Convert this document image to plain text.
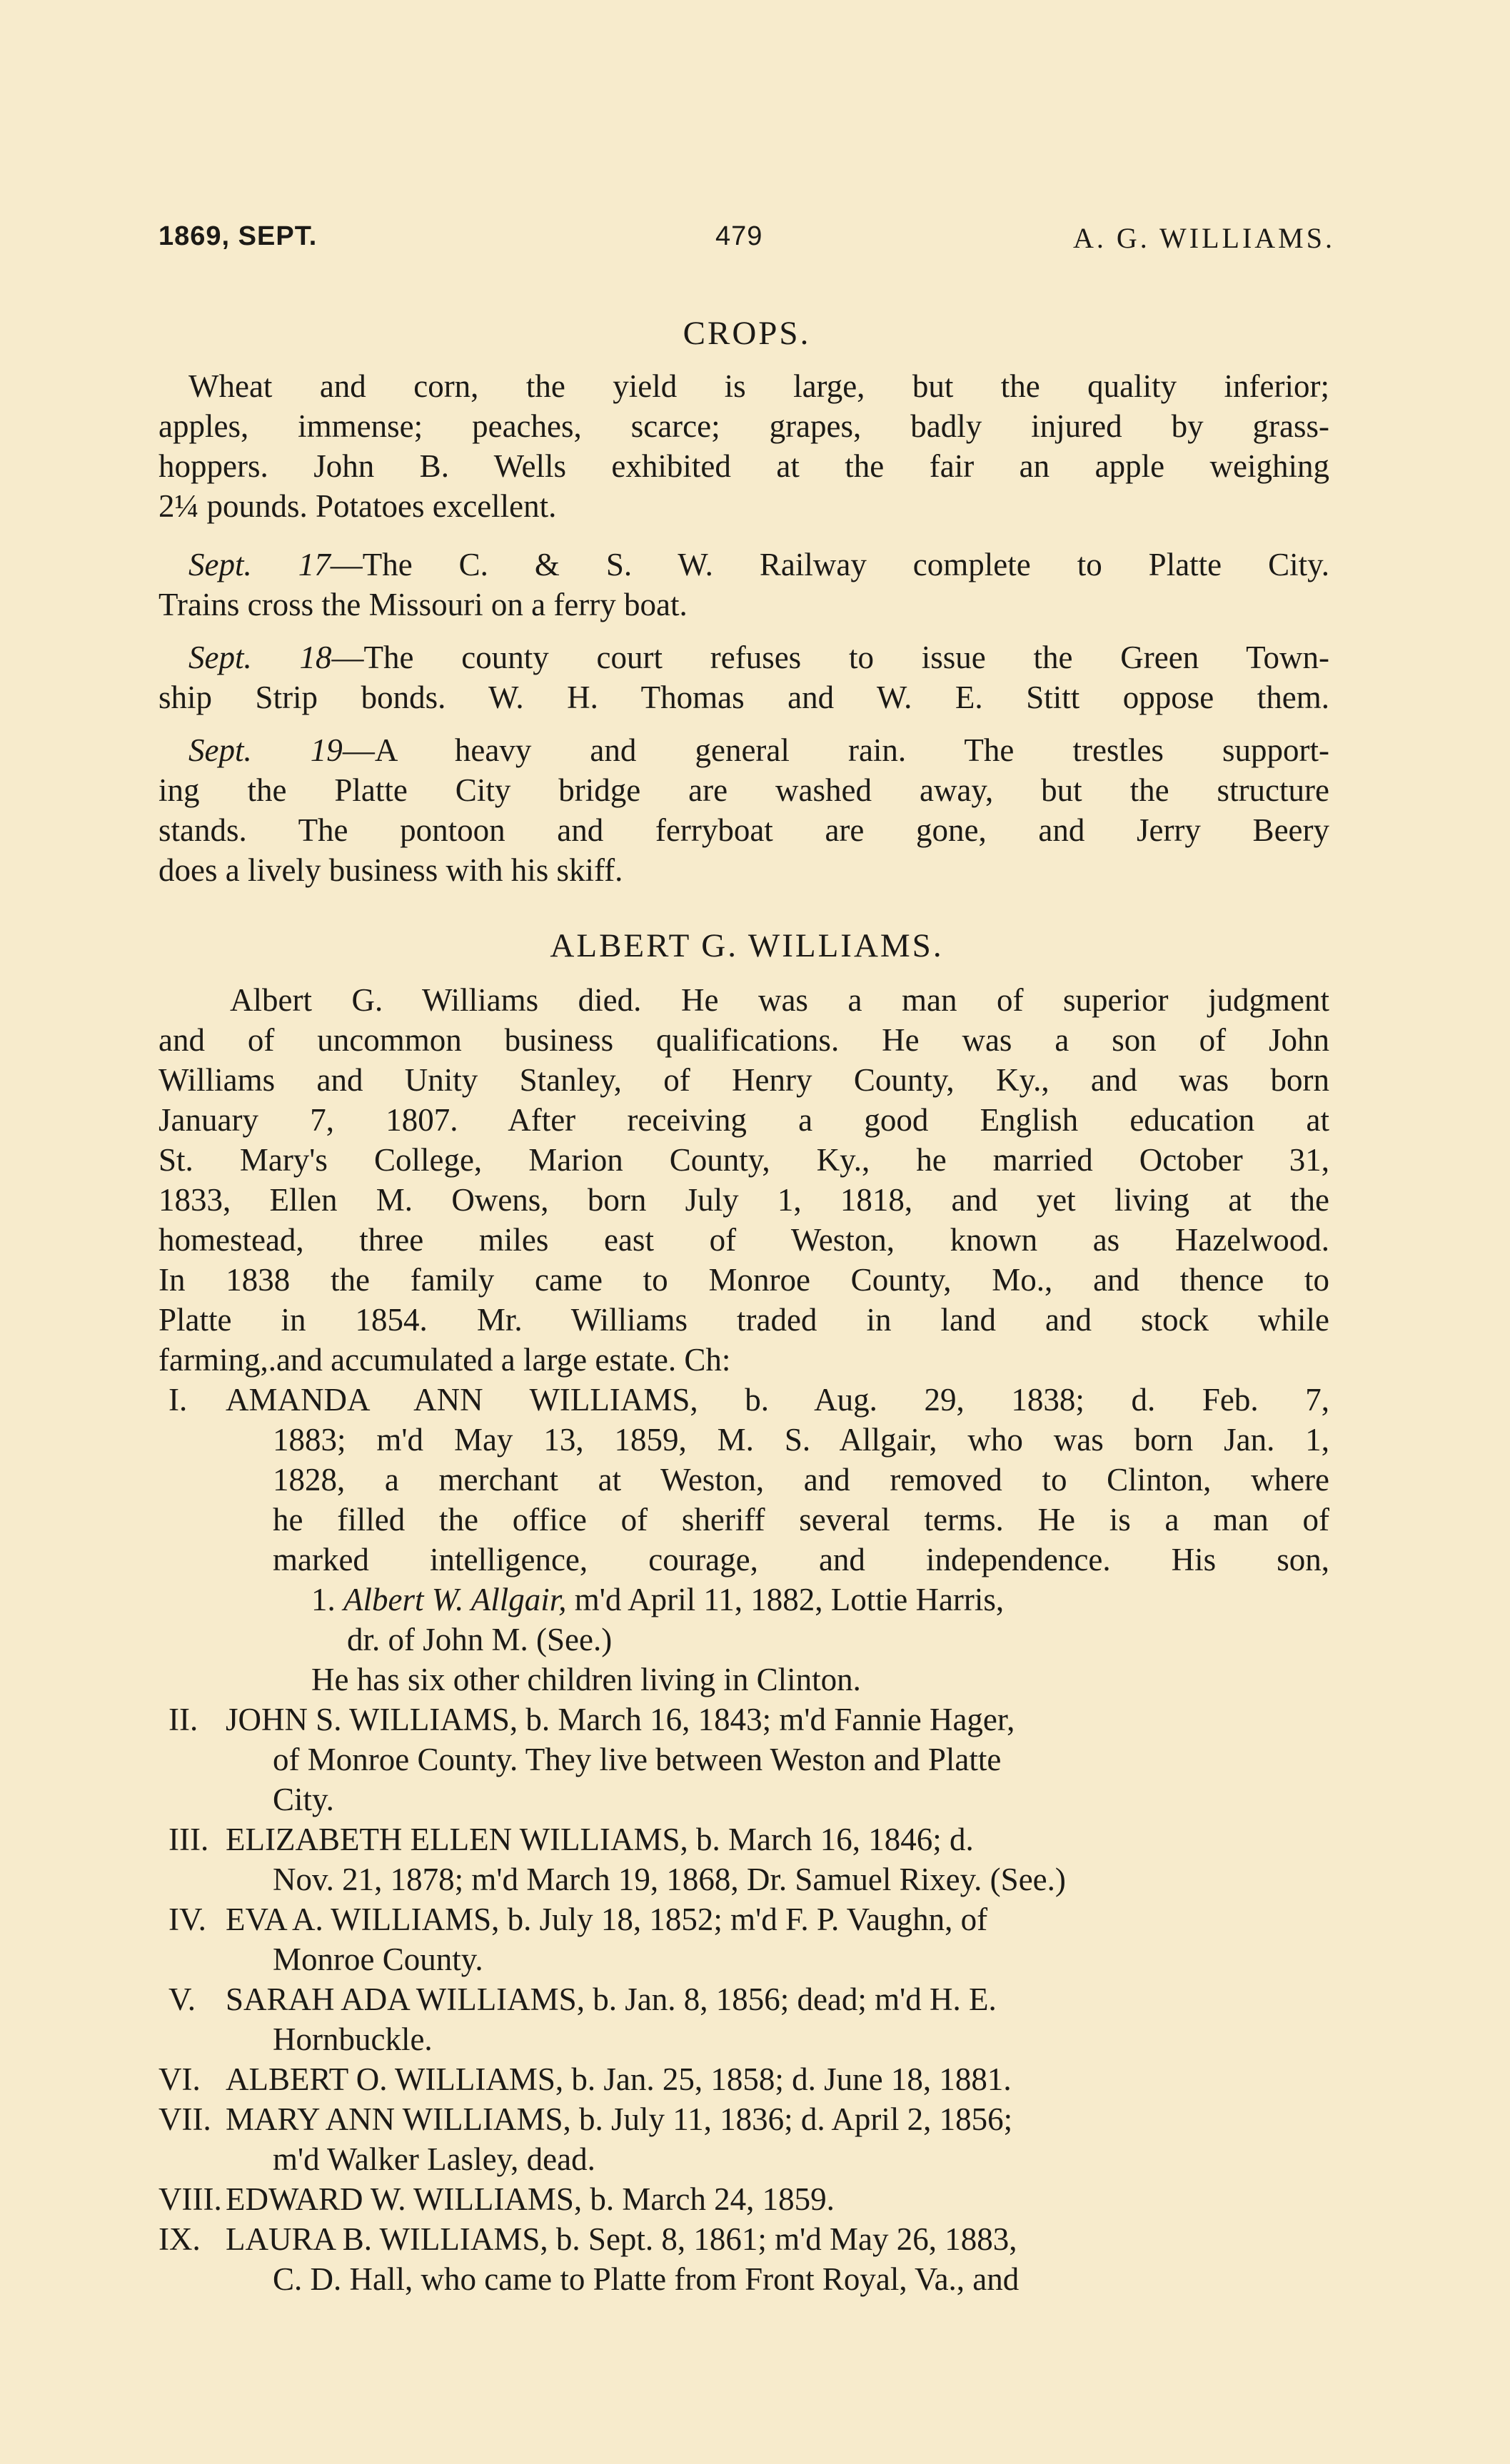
1869, SEPT.	479	A. G. WILLIAMS.
CROPS.
Wheat and corn, the yield is large, but the quality inferior;
apples, immense; peaches, scarce; grapes, badly injured by grass-
hoppers. John B. Wells exhibited at the fair an apple weighing
2¼ pounds. Potatoes excellent.
Sept. 17—The C. & S. W. Railway complete to Platte City.
Trains cross the Missouri on a ferry boat.
Sept. 18—The county court refuses to issue the Green Town-
ship Strip bonds. W. H. Thomas and W. E. Stitt oppose them.
Sept. 19—A heavy and general rain. The trestles support-
ing the Platte City bridge are washed away, but the structure
stands. The pontoon and ferryboat are gone, and Jerry Beery
does a lively business with his skiff.
ALBERT G. WILLIAMS.
Albert G. Williams died. He was a man of superior judgment
and of uncommon business qualifications. He was a son of John
Williams and Unity Stanley, of Henry County, Ky., and was born
January 7, 1807. After receiving a good English education at
St. Mary's College, Marion County, Ky., he married October 31,
1833, Ellen M. Owens, born July 1, 1818, and yet living at the
homestead, three miles east of Weston, known as Hazelwood.
In 1838 the family came to Monroe County, Mo., and thence to
Platte in 1854. Mr. Williams traded in land and stock while
farming,.and accumulated a large estate. Ch:
I. AMANDA ANN WILLIAMS, b. Aug. 29, 1838; d. Feb. 7,
1883; m'd May 13, 1859, M. S. Allgair, who was born Jan. 1,
1828, a merchant at Weston, and removed to Clinton, where
he filled the office of sheriff several terms. He is a man of
marked intelligence, courage, and independence. His son,
1. Albert W. Allgair, m'd April 11, 1882, Lottie Harris,
dr. of John M. (See.)
He has six other children living in Clinton.
II. JOHN S. WILLIAMS, b. March 16, 1843; m'd Fannie Hager,
of Monroe County. They live between Weston and Platte
City.
III. ELIZABETH ELLEN WILLIAMS, b. March 16, 1846; d.
Nov. 21, 1878; m'd March 19, 1868, Dr. Samuel Rixey. (See.)
IV. EVA A. WILLIAMS, b. July 18, 1852; m'd F. P. Vaughn, of
Monroe County.
V. SARAH ADA WILLIAMS, b. Jan. 8, 1856; dead; m'd H. E.
Hornbuckle.
VI. ALBERT O. WILLIAMS, b. Jan. 25, 1858; d. June 18, 1881.
VII. MARY ANN WILLIAMS, b. July 11, 1836; d. April 2, 1856;
m'd Walker Lasley, dead.
VIII. EDWARD W. WILLIAMS, b. March 24, 1859.
IX. LAURA B. WILLIAMS, b. Sept. 8, 1861; m'd May 26, 1883,
C. D. Hall, who came to Platte from Front Royal, Va., and
